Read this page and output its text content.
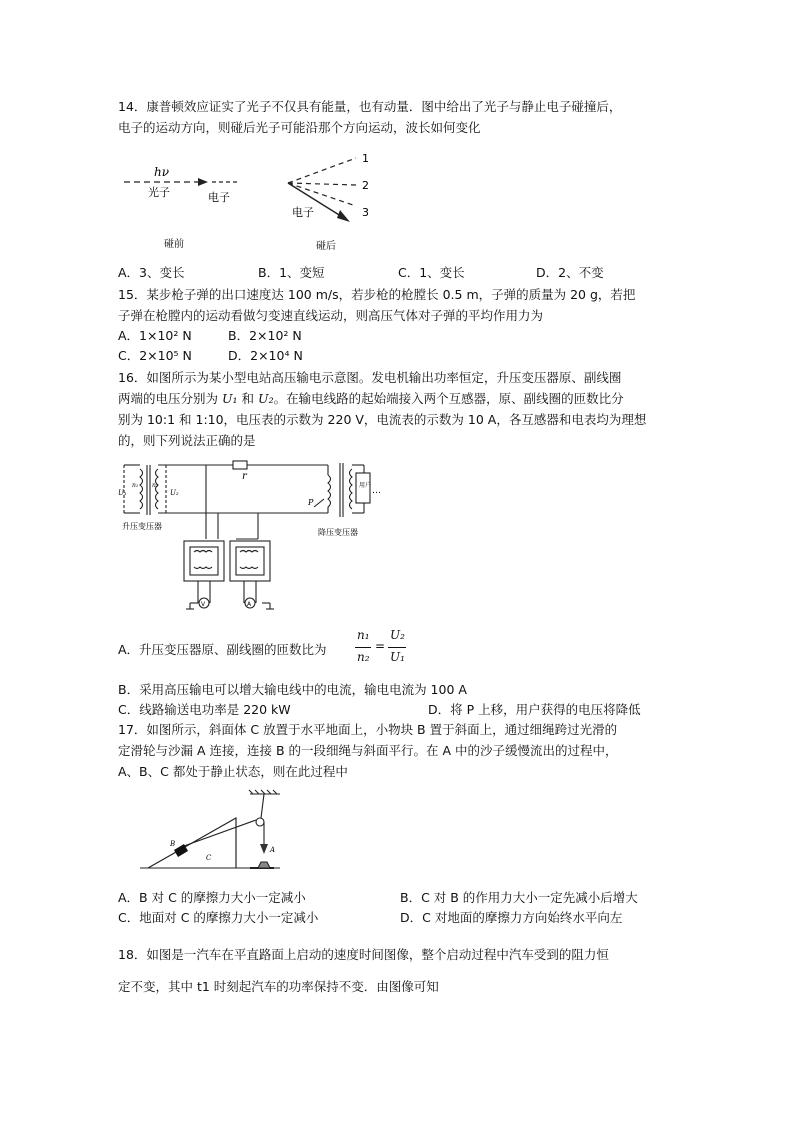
14．康普顿效应证实了光子不仅具有能量，也有动量．图中给出了光子与静止电子碰撞后，
电子的运动方向，则碰后光子可能沿那个方向运动，波长如何变化

hν
光子	电子
碰前
1
2
3
电子
碰后
A．3、变长	B．1、变短	C．1、变长	D．2、不变

15．某步枪子弹的出口速度达 100 m/s，若步枪的枪膛长 0.5 m，子弹的质量为 20 g，若把
子弹在枪膛内的运动看做匀变速直线运动，则高压气体对子弹的平均作用力为

A．1×10² N	B．2×10² N
C．2×10⁵ N	D．2×10⁴ N

16．如图所示为某小型电站高压输电示意图。发电机输出功率恒定，升压变压器原、副线圈
两端的电压分别为 U₁ 和 U₂。在输电线路的起始端接入两个互感器，原、副线圈的匝数比分
别为 10:1 和 1:10，电压表的示数为 220 V，电流表的示数为 10 A，各互感器和电表均为理想
的，则下列说法正确的是

r
U₁
n₁ n₂
U₂
P
用户
…
升压变压器
降压变压器
V	A
A．升压变压器原、副线圈的匝数比为
n₁
n₂
=
U₂
U₁
B．采用高压输电可以增大输电线中的电流，输电电流为 100 A
C．线路输送电功率是 220 kW	D．将 P 上移，用户获得的电压将降低

17．如图所示，斜面体 C 放置于水平地面上，小物块 B 置于斜面上，通过细绳跨过光滑的
定滑轮与沙漏 A 连接，连接 B 的一段细绳与斜面平行。在 A 中的沙子缓慢流出的过程中，
A、B、C 都处于静止状态，则在此过程中

B
C
A
A．B 对 C 的摩擦力大小一定减小	B．C 对 B 的作用力大小一定先减小后增大
C．地面对 C 的摩擦力大小一定减小	D．C 对地面的摩擦力方向始终水平向左

18．如图是一汽车在平直路面上启动的速度时间图像，整个启动过程中汽车受到的阻力恒
定不变，其中 t1 时刻起汽车的功率保持不变．由图像可知
